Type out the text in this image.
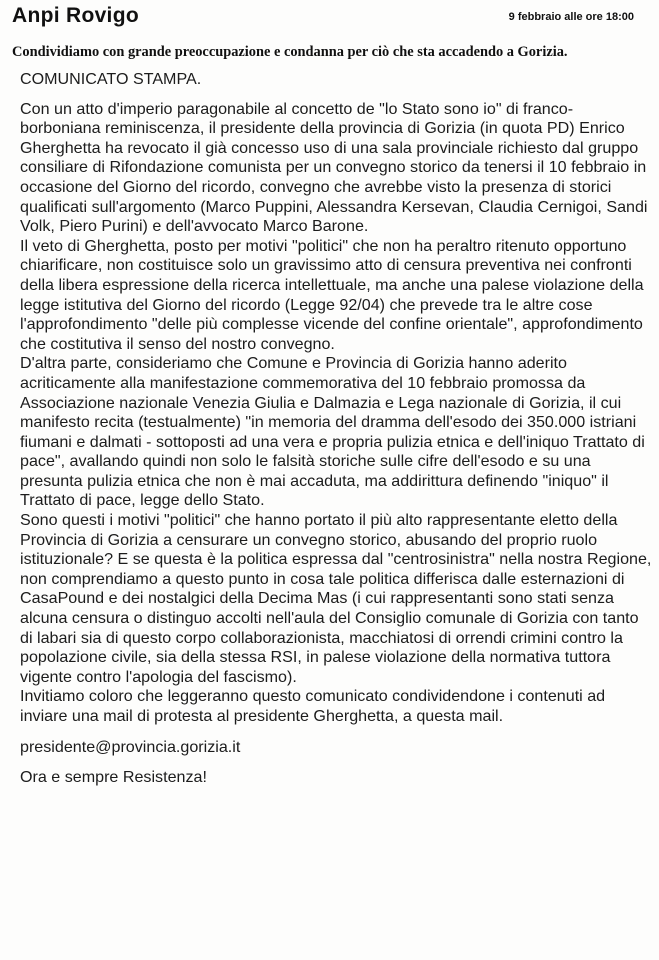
Anpi Rovigo	9 febbraio alle ore 18:00
Condividiamo con grande preoccupazione e condanna per ciò che sta accadendo a Gorizia.

COMUNICATO STAMPA.

Con un atto d'imperio paragonabile al concetto de "lo Stato sono io" di franco-borboniana reminiscenza, il presidente della provincia di Gorizia (in quota PD) Enrico Gherghetta ha revocato il già concesso uso di una sala provinciale richiesto dal gruppo consiliare di Rifondazione comunista per un convegno storico da tenersi il 10 febbraio in occasione del Giorno del ricordo, convegno che avrebbe visto la presenza di storici qualificati sull'argomento (Marco Puppini, Alessandra Kersevan, Claudia Cernigoi, Sandi Volk, Piero Purini) e dell'avvocato Marco Barone.

Il veto di Gherghetta, posto per motivi "politici" che non ha peraltro ritenuto opportuno chiarificare, non costituisce solo un gravissimo atto di censura preventiva nei confronti della libera espressione della ricerca intellettuale, ma anche una palese violazione della legge istitutiva del Giorno del ricordo (Legge 92/04) che prevede tra le altre cose l'approfondimento "delle più complesse vicende del confine orientale", approfondimento che costitutiva il senso del nostro convegno.

D'altra parte, consideriamo che Comune e Provincia di Gorizia hanno aderito acriticamente alla manifestazione commemorativa del 10 febbraio promossa da Associazione nazionale Venezia Giulia e Dalmazia e Lega nazionale di Gorizia, il cui manifesto recita (testualmente) "in memoria del dramma dell'esodo dei 350.000 istriani fiumani e dalmati - sottoposti ad una vera e propria pulizia etnica e dell'iniquo Trattato di pace", avallando quindi non solo le falsità storiche sulle cifre dell'esodo e su una presunta pulizia etnica che non è mai accaduta, ma addirittura definendo "iniquo" il Trattato di pace, legge dello Stato.

Sono questi i motivi "politici" che hanno portato il più alto rappresentante eletto della Provincia di Gorizia a censurare un convegno storico, abusando del proprio ruolo istituzionale? E se questa è la politica espressa dal "centrosinistra" nella nostra Regione, non comprendiamo a questo punto in cosa tale politica differisca dalle esternazioni di CasaPound e dei nostalgici della Decima Mas (i cui rappresentanti sono stati senza alcuna censura o distinguo accolti nell'aula del Consiglio comunale di Gorizia con tanto di labari sia di questo corpo collaborazionista, macchiatosi di orrendi crimini contro la popolazione civile, sia della stessa RSI, in palese violazione della normativa tuttora vigente contro l'apologia del fascismo).

Invitiamo coloro che leggeranno questo comunicato condividendone i contenuti ad inviare una mail di protesta al presidente Gherghetta, a questa mail.

presidente@provincia.gorizia.it

Ora e sempre Resistenza!
